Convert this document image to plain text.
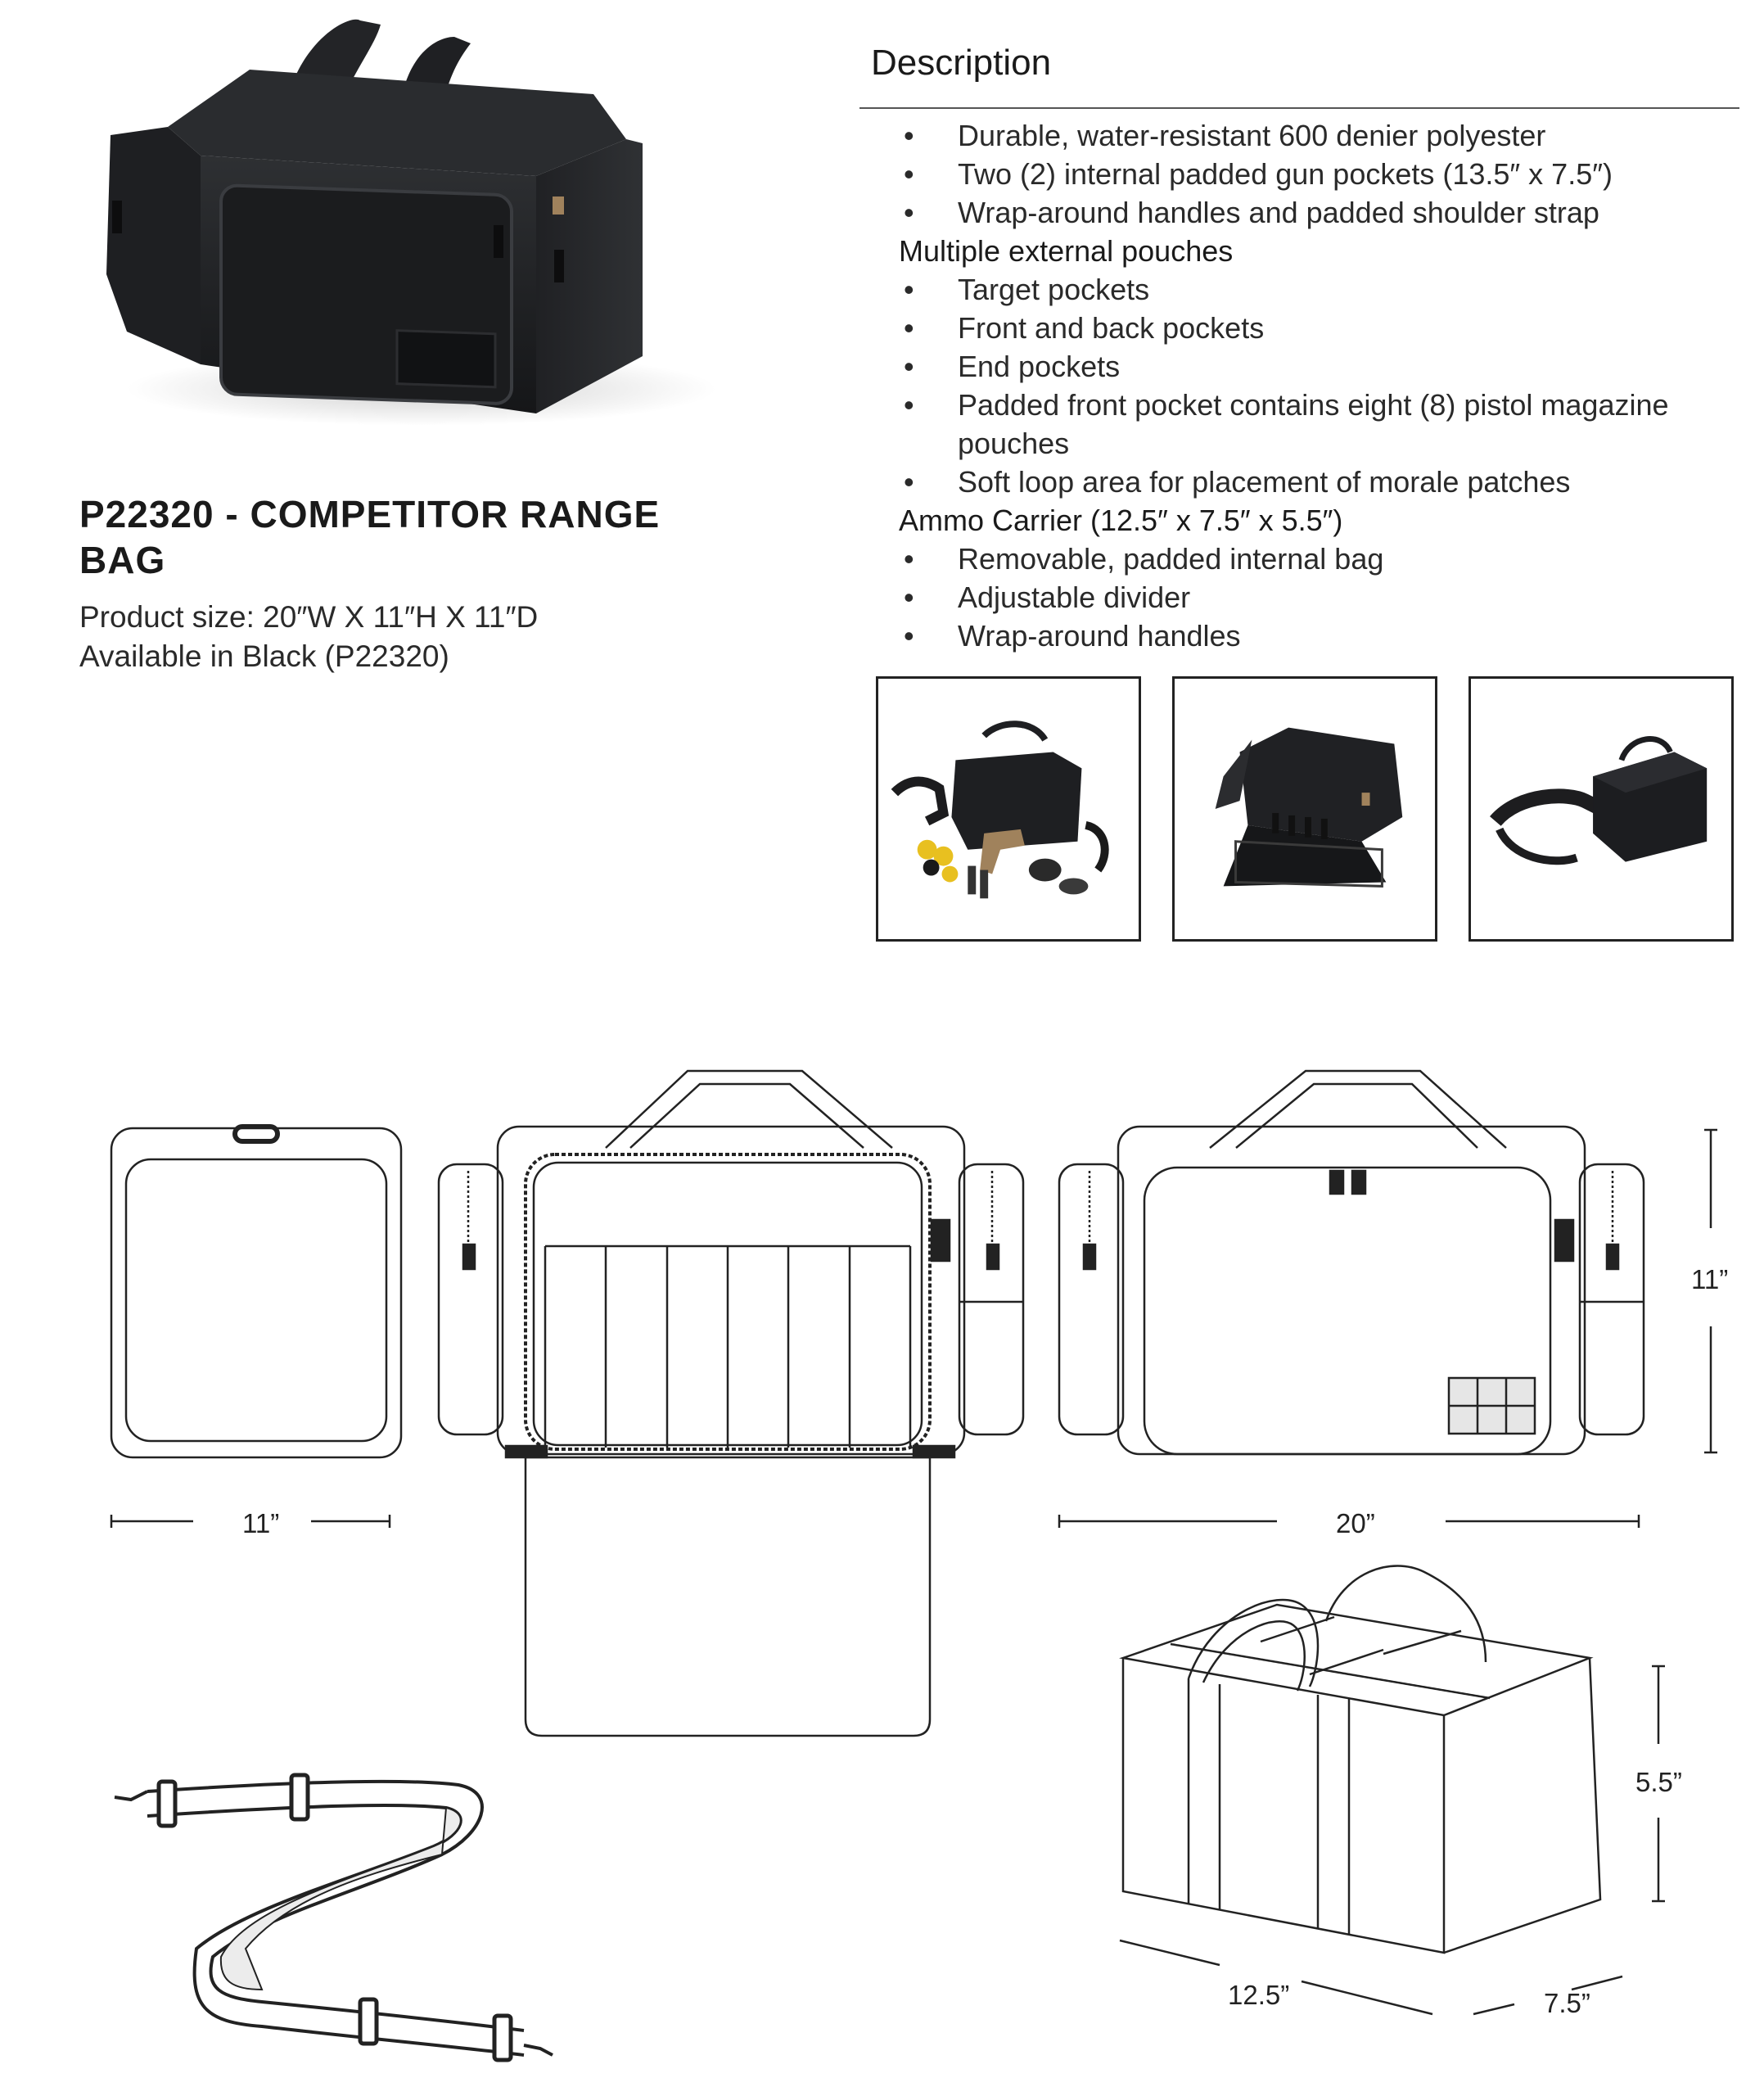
P22320 - COMPETITOR RANGE
BAG
Product size: 20″W X 11″H X 11″D
Available in Black (P22320)
Description
• Durable, water-resistant 600 denier polyester
• Two (2) internal padded gun pockets (13.5″ x 7.5″)
• Wrap-around handles and padded shoulder strap
Multiple external pouches
• Target pockets
• Front and back pockets
• End pockets
• Padded front pocket contains eight (8) pistol magazine
pouches
• Soft loop area for placement of morale patches
Ammo Carrier (12.5″ x 7.5″ x 5.5″)
• Removable, padded internal bag
• Adjustable divider
• Wrap-around handles
11”	20”
11”
5.5”
12.5”	7.5”
